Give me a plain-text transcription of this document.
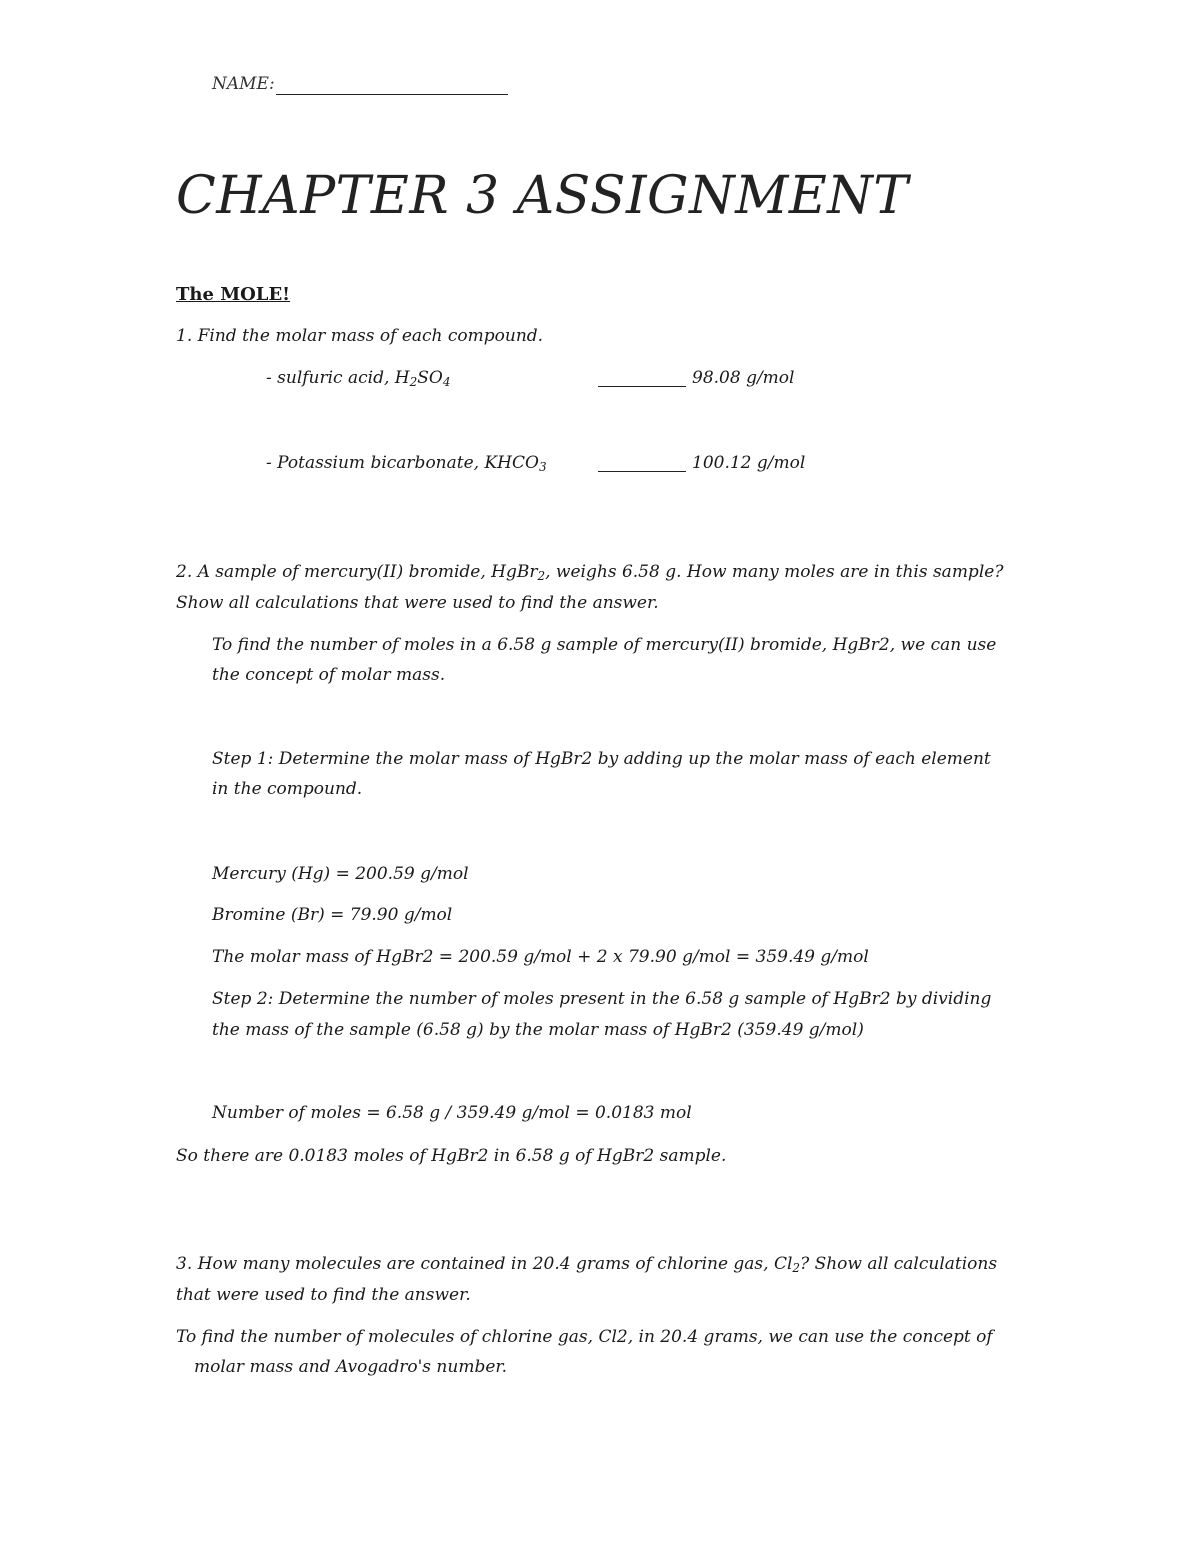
NAME:
CHAPTER 3 ASSIGNMENT
The MOLE!
1. Find the molar mass of each compound.
- sulfuric acid, $H_2SO_4$	98.08 g/mol
- Potassium bicarbonate, $KHCO_3$	100.12 g/mol
2. A sample of mercury(II) bromide, HgBr$_2$, weighs 6.58 g. How many moles are in this sample?
Show all calculations that were used to find the answer.
To find the number of moles in a 6.58 g sample of mercury(II) bromide, HgBr2, we can use
the concept of molar mass.
Step 1: Determine the molar mass of HgBr2 by adding up the molar mass of each element
in the compound.
Mercury (Hg) = 200.59 g/mol
Bromine (Br) = 79.90 g/mol
The molar mass of HgBr2 = 200.59 g/mol + 2 x 79.90 g/mol = 359.49 g/mol
Step 2: Determine the number of moles present in the 6.58 g sample of HgBr2 by dividing
the mass of the sample (6.58 g) by the molar mass of HgBr2 (359.49 g/mol)
Number of moles = 6.58 g / 359.49 g/mol = 0.0183 mol
So there are 0.0183 moles of HgBr2 in 6.58 g of HgBr2 sample.
3. How many molecules are contained in 20.4 grams of chlorine gas, $Cl_2$? Show all calculations
that were used to find the answer.
To find the number of molecules of chlorine gas, Cl2, in 20.4 grams, we can use the concept of
molar mass and Avogadro's number.
